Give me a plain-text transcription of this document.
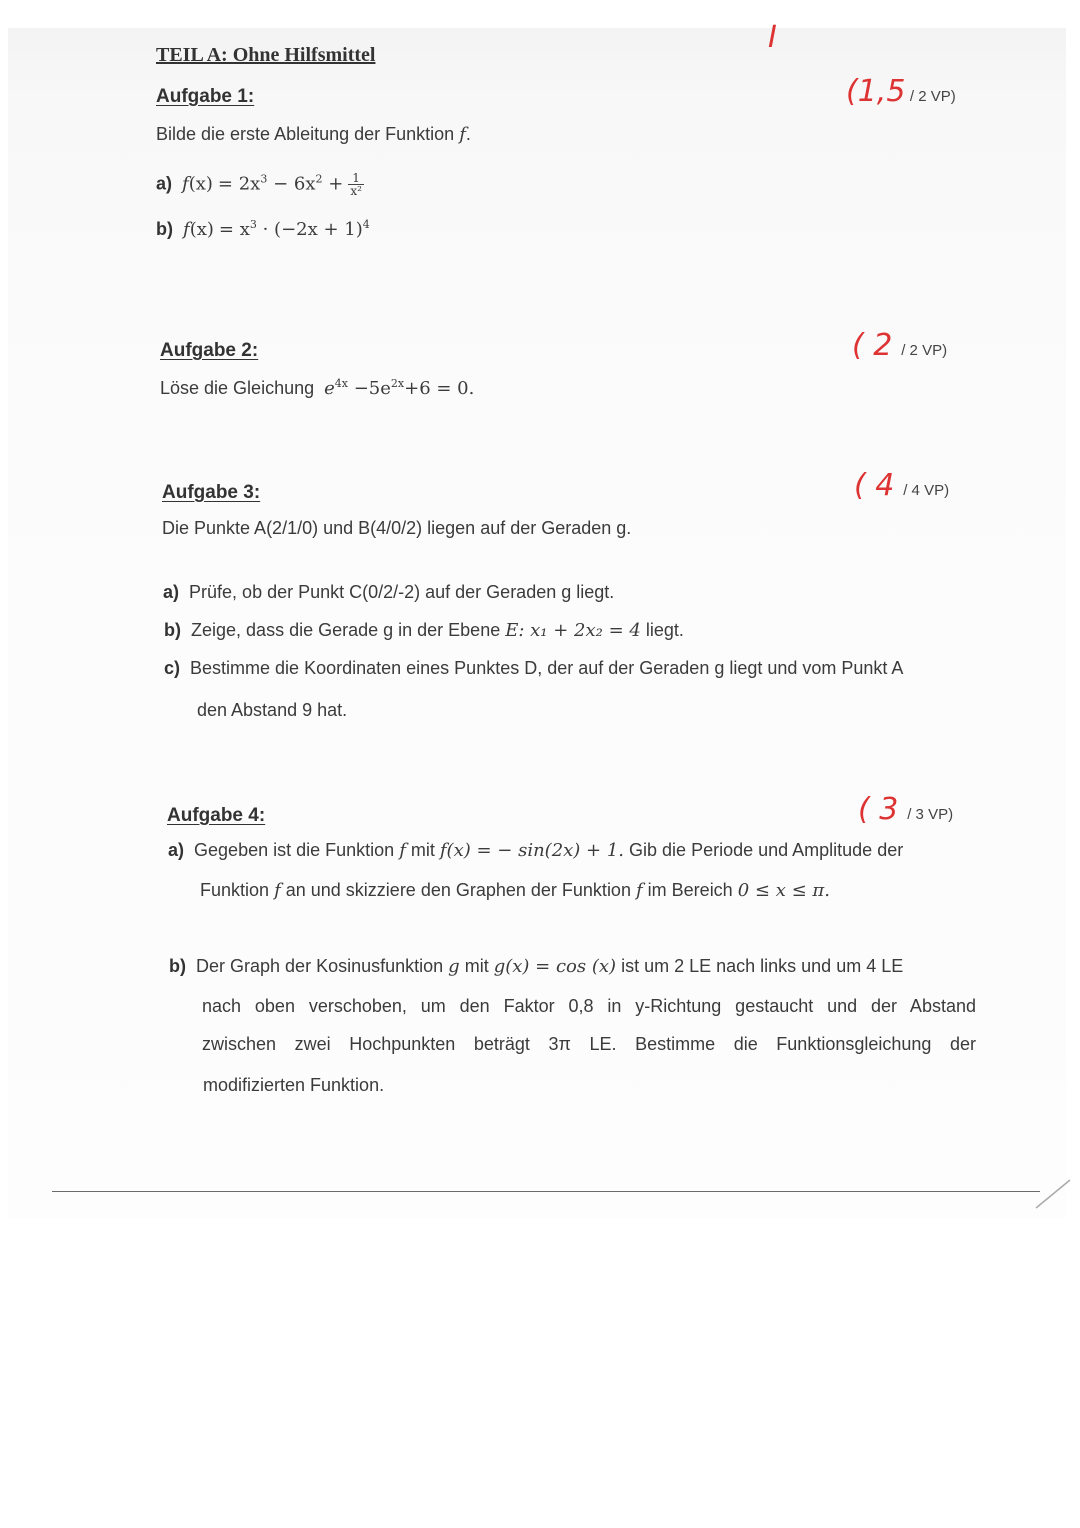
TEIL A: Ohne Hilfsmittel	I
Aufgabe 1:	(1,5 / 2 VP)
Bilde die erste Ableitung der Funktion f.
a) $f(x) = 2x^3 - 6x^2 + \frac{1}{\text{x²}}$
b) $f(x) = x^3 \cdot (-2x + 1)^4$
Aufgabe 2:	( 2 / 2 VP)
Löse die Gleichung $e^{4x} -5e^{2x}+6 = 0$.
Aufgabe 3:	( 4 / 4 VP)
Die Punkte A(2/1/0) und B(4/0/2) liegen auf der Geraden g.
a) Prüfe, ob der Punkt C(0/2/-2) auf der Geraden g liegt.
b) Zeige, dass die Gerade g in der Ebene E: x₁ + 2x₂ = 4 liegt.
c) Bestimme die Koordinaten eines Punktes D, der auf der Geraden g liegt und vom Punkt A
den Abstand 9 hat.
Aufgabe 4:	( 3 / 3 VP)
a) Gegeben ist die Funktion f mit f(x) = − sin(2x) + 1. Gib die Periode und Amplitude der
Funktion f an und skizziere den Graphen der Funktion f im Bereich 0 ≤ x ≤ π.
b) Der Graph der Kosinusfunktion g mit g(x) = cos (x) ist um 2 LE nach links und um 4 LE
nach oben verschoben, um den Faktor 0,8 in y-Richtung gestaucht und der Abstand
zwischen zwei Hochpunkten beträgt 3π LE. Bestimme die Funktionsgleichung der
modifizierten Funktion.
